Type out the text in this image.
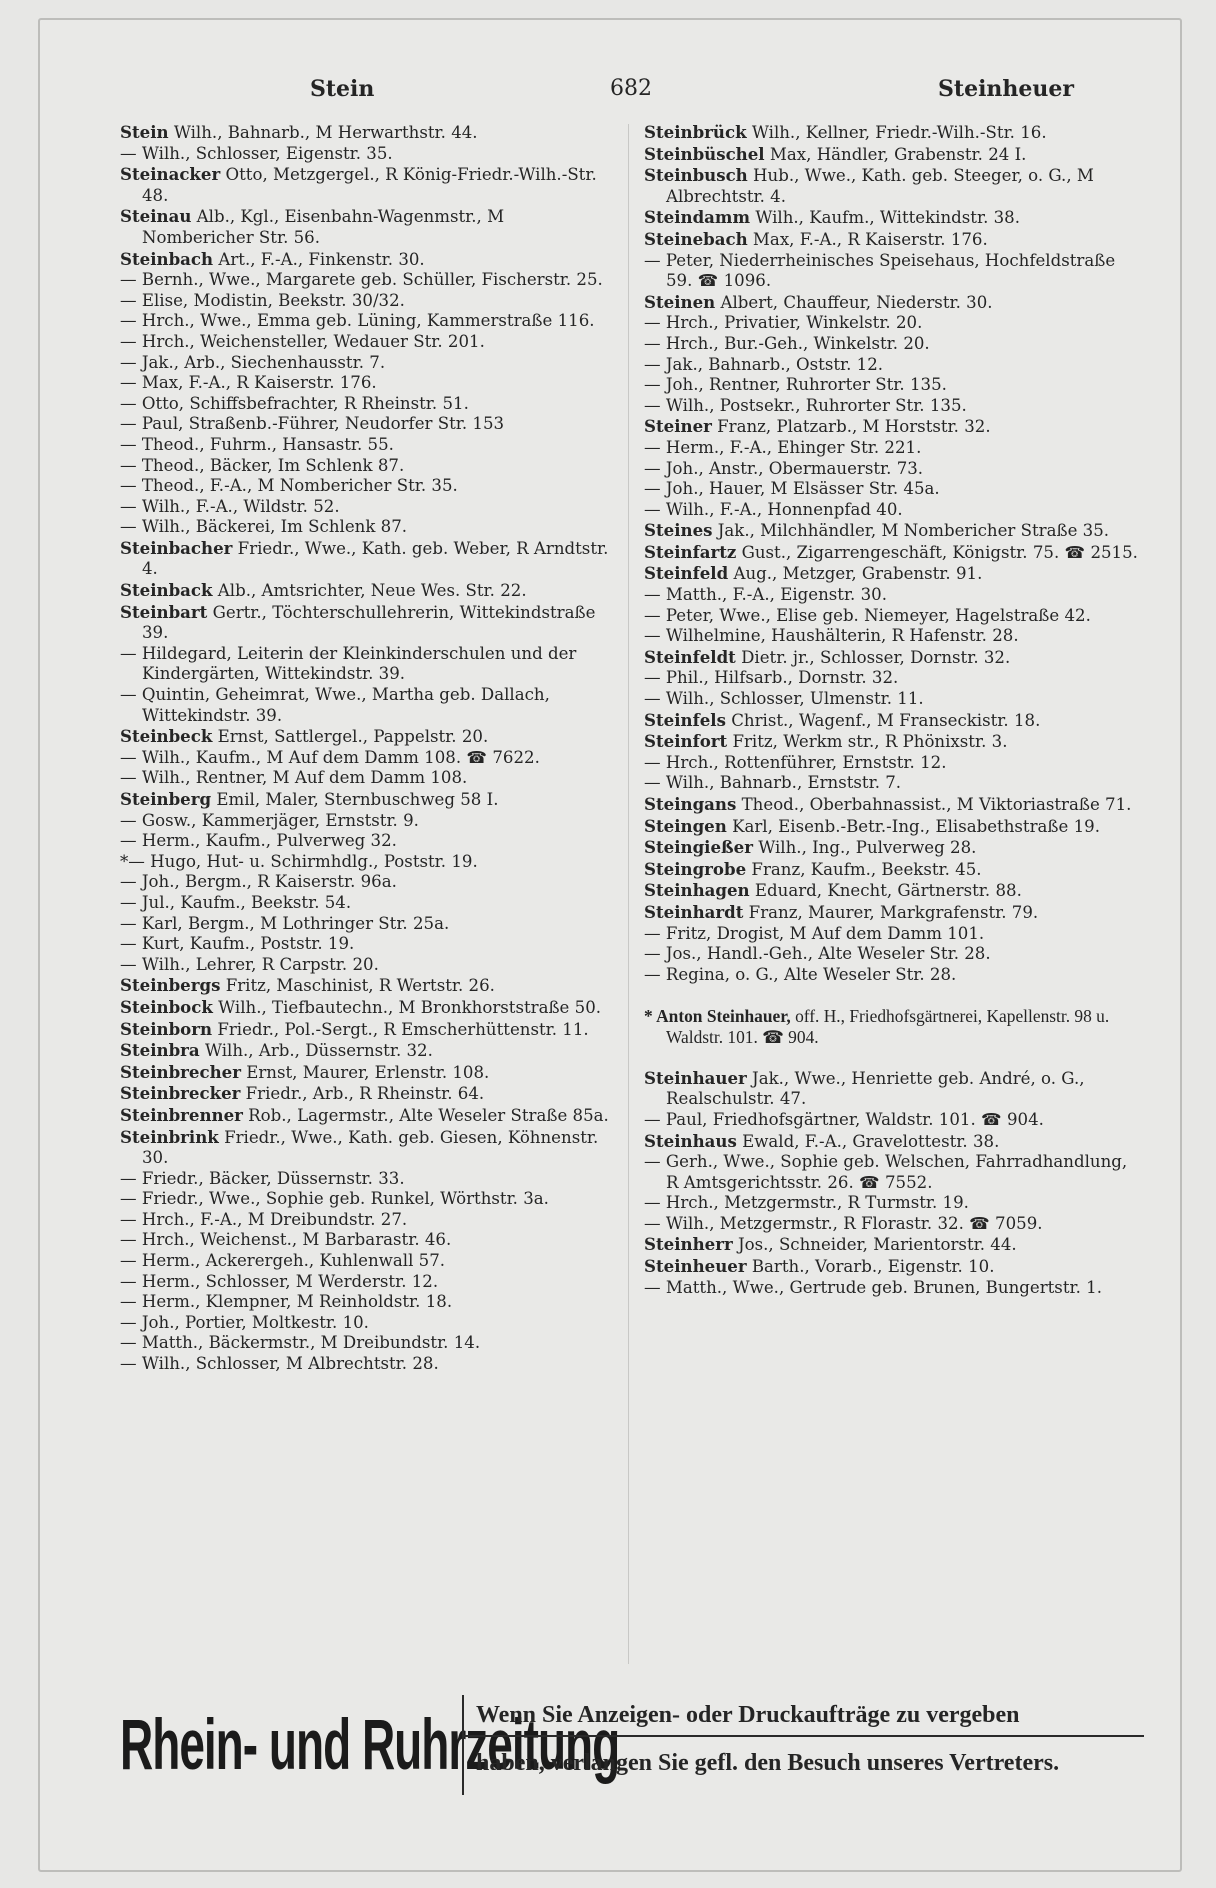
Stein	682	Steinheuer

Stein Wilh., Bahnarb., M Herwarthstr. 44.

— Wilh., Schlosser, Eigenstr. 35.

Steinacker Otto, Metzgergel., R König-Friedr.-Wilh.-Str. 48.

Steinau Alb., Kgl., Eisenbahn-Wagenmstr., M Nombericher Str. 56.

Steinbach Art., F.-A., Finkenstr. 30.

— Bernh., Wwe., Margarete geb. Schüller, Fischerstr. 25.

— Elise, Modistin, Beekstr. 30/32.

— Hrch., Wwe., Emma geb. Lüning, Kammerstraße 116.

— Hrch., Weichensteller, Wedauer Str. 201.

— Jak., Arb., Siechenhausstr. 7.

— Max, F.-A., R Kaiserstr. 176.

— Otto, Schiffsbefrachter, R Rheinstr. 51.

— Paul, Straßenb.-Führer, Neudorfer Str. 153

— Theod., Fuhrm., Hansastr. 55.

— Theod., Bäcker, Im Schlenk 87.

— Theod., F.-A., M Nombericher Str. 35.

— Wilh., F.-A., Wildstr. 52.

— Wilh., Bäckerei, Im Schlenk 87.

Steinbacher Friedr., Wwe., Kath. geb. Weber, R Arndtstr. 4.

Steinback Alb., Amtsrichter, Neue Wes. Str. 22.

Steinbart Gertr., Töchterschullehrerin, Wittekindstraße 39.

— Hildegard, Leiterin der Kleinkinderschulen und der Kindergärten, Wittekindstr. 39.

— Quintin, Geheimrat, Wwe., Martha geb. Dallach, Wittekindstr. 39.

Steinbeck Ernst, Sattlergel., Pappelstr. 20.

— Wilh., Kaufm., M Auf dem Damm 108. ☎ 7622.

— Wilh., Rentner, M Auf dem Damm 108.

Steinberg Emil, Maler, Sternbuschweg 58 I.

— Gosw., Kammerjäger, Ernststr. 9.

— Herm., Kaufm., Pulverweg 32.

*— Hugo, Hut- u. Schirmhdlg., Poststr. 19.

— Joh., Bergm., R Kaiserstr. 96a.

— Jul., Kaufm., Beekstr. 54.

— Karl, Bergm., M Lothringer Str. 25a.

— Kurt, Kaufm., Poststr. 19.

— Wilh., Lehrer, R Carpstr. 20.

Steinbergs Fritz, Maschinist, R Wertstr. 26.

Steinbock Wilh., Tiefbautechn., M Bronkhorststraße 50.

Steinborn Friedr., Pol.-Sergt., R Emscherhüttenstr. 11.

Steinbra Wilh., Arb., Düssernstr. 32.

Steinbrecher Ernst, Maurer, Erlenstr. 108.

Steinbrecker Friedr., Arb., R Rheinstr. 64.

Steinbrenner Rob., Lagermstr., Alte Weseler Straße 85a.

Steinbrink Friedr., Wwe., Kath. geb. Giesen, Köhnenstr. 30.

— Friedr., Bäcker, Düssernstr. 33.

— Friedr., Wwe., Sophie geb. Runkel, Wörthstr. 3a.

— Hrch., F.-A., M Dreibundstr. 27.

— Hrch., Weichenst., M Barbarastr. 46.

— Herm., Ackerergeh., Kuhlenwall 57.

— Herm., Schlosser, M Werderstr. 12.

— Herm., Klempner, M Reinholdstr. 18.

— Joh., Portier, Moltkestr. 10.

— Matth., Bäckermstr., M Dreibundstr. 14.

— Wilh., Schlosser, M Albrechtstr. 28.

Steinbrück Wilh., Kellner, Friedr.-Wilh.-Str. 16.

Steinbüschel Max, Händler, Grabenstr. 24 I.

Steinbusch Hub., Wwe., Kath. geb. Steeger, o. G., M Albrechtstr. 4.

Steindamm Wilh., Kaufm., Wittekindstr. 38.

Steinebach Max, F.-A., R Kaiserstr. 176.

— Peter, Niederrheinisches Speisehaus, Hochfeldstraße 59. ☎ 1096.

Steinen Albert, Chauffeur, Niederstr. 30.

— Hrch., Privatier, Winkelstr. 20.

— Hrch., Bur.-Geh., Winkelstr. 20.

— Jak., Bahnarb., Oststr. 12.

— Joh., Rentner, Ruhrorter Str. 135.

— Wilh., Postsekr., Ruhrorter Str. 135.

Steiner Franz, Platzarb., M Horststr. 32.

— Herm., F.-A., Ehinger Str. 221.

— Joh., Anstr., Obermauerstr. 73.

— Joh., Hauer, M Elsässer Str. 45a.

— Wilh., F.-A., Honnenpfad 40.

Steines Jak., Milchhändler, M Nombericher Straße 35.

Steinfartz Gust., Zigarrengeschäft, Königstr. 75. ☎ 2515.

Steinfeld Aug., Metzger, Grabenstr. 91.

— Matth., F.-A., Eigenstr. 30.

— Peter, Wwe., Elise geb. Niemeyer, Hagelstraße 42.

— Wilhelmine, Haushälterin, R Hafenstr. 28.

Steinfeldt Dietr. jr., Schlosser, Dornstr. 32.

— Phil., Hilfsarb., Dornstr. 32.

— Wilh., Schlosser, Ulmenstr. 11.

Steinfels Christ., Wagenf., M Franseckistr. 18.

Steinfort Fritz, Werkm str., R Phönixstr. 3.

— Hrch., Rottenführer, Ernststr. 12.

— Wilh., Bahnarb., Ernststr. 7.

Steingans Theod., Oberbahnassist., M Viktoriastraße 71.

Steingen Karl, Eisenb.-Betr.-Ing., Elisabethstraße 19.

Steingießer Wilh., Ing., Pulverweg 28.

Steingrobe Franz, Kaufm., Beekstr. 45.

Steinhagen Eduard, Knecht, Gärtnerstr. 88.

Steinhardt Franz, Maurer, Markgrafenstr. 79.

— Fritz, Drogist, M Auf dem Damm 101.

— Jos., Handl.-Geh., Alte Weseler Str. 28.

— Regina, o. G., Alte Weseler Str. 28.

* Anton Steinhauer, off. H., Friedhofsgärtnerei, Kapellenstr. 98 u. Waldstr. 101. ☎ 904.

Steinhauer Jak., Wwe., Henriette geb. André, o. G., Realschulstr. 47.

— Paul, Friedhofsgärtner, Waldstr. 101. ☎ 904.

Steinhaus Ewald, F.-A., Gravelottestr. 38.

— Gerh., Wwe., Sophie geb. Welschen, Fahrradhandlung, R Amtsgerichtsstr. 26. ☎ 7552.

— Hrch., Metzgermstr., R Turmstr. 19.

— Wilh., Metzgermstr., R Florastr. 32. ☎ 7059.

Steinherr Jos., Schneider, Marientorstr. 44.

Steinheuer Barth., Vorarb., Eigenstr. 10.

— Matth., Wwe., Gertrude geb. Brunen, Bungertstr. 1.

Rhein- und Ruhrzeitung
Wenn Sie Anzeigen- oder Druckaufträge zu vergeben
haben, verlangen Sie gefl. den Besuch unseres Vertreters.
